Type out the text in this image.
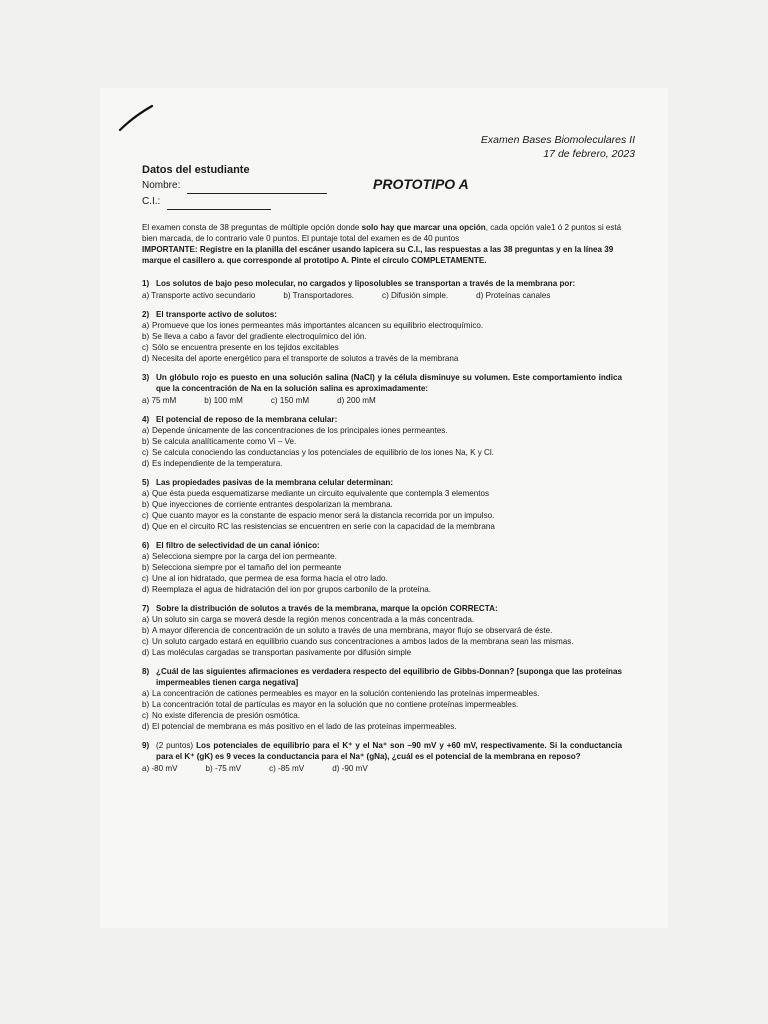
Examen Bases Biomoleculares II
17 de febrero, 2023
Datos del estudiante
Nombre:
C.I.:
PROTOTIPO A
El examen consta de 38 preguntas de múltiple opción donde solo hay que marcar una opción, cada opción vale1 ó 2 puntos si está bien marcada, de lo contrario vale 0 puntos. El puntaje total del examen es de 40 puntos
IMPORTANTE: Registre en la planilla del escáner usando lapicera su C.I., las respuestas a las 38 preguntas y en la línea 39 marque el casillero a. que corresponde al prototipo A. Pinte el círculo COMPLETAMENTE.
1) Los solutos de bajo peso molecular, no cargados y liposolubles se transportan a través de la membrana por:
a) Transporte activo secundario	b) Transportadores.	c) Difusión simple.	d) Proteínas canales
2) El transporte activo de solutos:
a) Promueve que los iones permeantes más importantes alcancen su equilibrio electroquímico.
b) Se lleva a cabo a favor del gradiente electroquímico del ión.
c) Sólo se encuentra presente en los tejidos excitables
d) Necesita del aporte energético para el transporte de solutos a través de la membrana
3) Un glóbulo rojo es puesto en una solución salina (NaCl) y la célula disminuye su volumen. Este comportamiento indica que la concentración de Na en la solución salina es aproximadamente:
a) 75 mM	b) 100 mM	c) 150 mM	d) 200 mM
4) El potencial de reposo de la membrana celular:
a) Depende únicamente de las concentraciones de los principales iones permeantes.
b) Se calcula analíticamente como Vi – Ve.
c) Se calcula conociendo las conductancias y los potenciales de equilibrio de los iones Na, K y Cl.
d) Es independiente de la temperatura.
5) Las propiedades pasivas de la membrana celular determinan:
a) Que ésta pueda esquematizarse mediante un circuito equivalente que contempla 3 elementos
b) Que inyecciones de corriente entrantes despolarizan la membrana.
c) Que cuanto mayor es la constante de espacio menor será la distancia recorrida por un impulso.
d) Que en el circuito RC las resistencias se encuentren en serie con la capacidad de la membrana
6) El filtro de selectividad de un canal iónico:
a) Selecciona siempre por la carga del ion permeante.
b) Selecciona siempre por el tamaño del ion permeante
c) Une al ion hidratado, que permea de esa forma hacia el otro lado.
d) Reemplaza el agua de hidratación del ion por grupos carbonilo de la proteína.
7) Sobre la distribución de solutos a través de la membrana, marque la opción CORRECTA:
a) Un soluto sin carga se moverá desde la región menos concentrada a la más concentrada.
b) A mayor diferencia de concentración de un soluto a través de una membrana, mayor flujo se observará de éste.
c) Un soluto cargado estará en equilibrio cuando sus concentraciones a ambos lados de la membrana sean las mismas.
d) Las moléculas cargadas se transportan pasivamente por difusión simple
8) ¿Cuál de las siguientes afirmaciones es verdadera respecto del equilibrio de Gibbs-Donnan? [suponga que las proteínas impermeables tienen carga negativa]
a) La concentración de cationes permeables es mayor en la solución conteniendo las proteínas impermeables.
b) La concentración total de partículas es mayor en la solución que no contiene proteínas impermeables.
c) No existe diferencia de presión osmótica.
d) El potencial de membrana es más positivo en el lado de las proteínas impermeables.
9) (2 puntos) Los potenciales de equilibrio para el K⁺ y el Na⁺ son –90 mV y +60 mV, respectivamente. Si la conductancia para el K⁺ (gK) es 9 veces la conductancia para el Na⁺ (gNa), ¿cuál es el potencial de la membrana en reposo?
a) -80 mV	b) -75 mV	c) -85 mV	d) -90 mV
